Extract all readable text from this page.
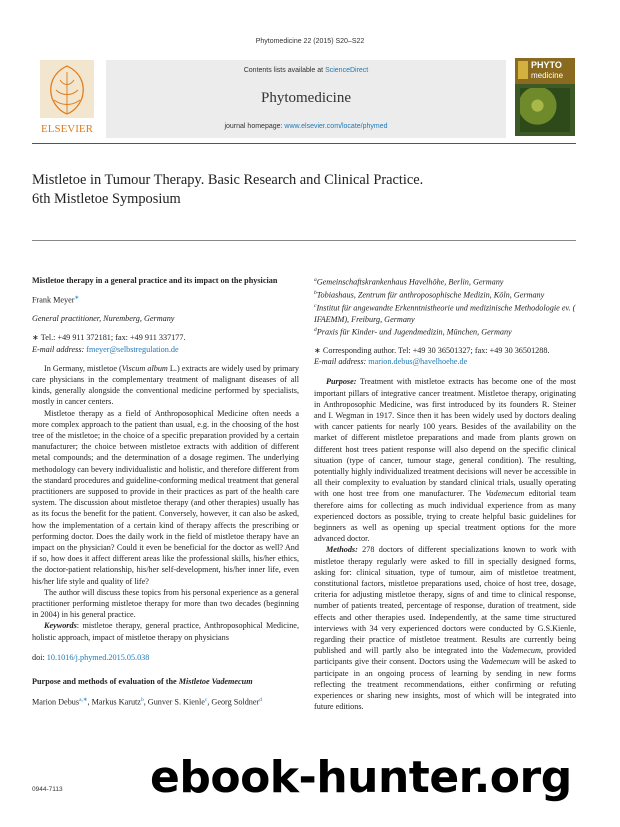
Phytomedicine 22 (2015) S20–S22
ELSEVIER
Contents lists available at ScienceDirect
Phytomedicine
journal homepage: www.elsevier.com/locate/phymed
PHYTO
medicine
Mistletoe in Tumour Therapy. Basic Research and Clinical Practice.
6th Mistletoe Symposium
Mistletoe therapy in a general practice and its impact on the physician
Frank Meyer∗
General practitioner, Nuremberg, Germany
∗ Tel.: +49 911 372181; fax: +49 911 337177.
E-mail address: fmeyer@selbstregulation.de

In Germany, mistletoe (Viscum album L.) extracts are widely used by primary care physicians in the complementary treatment of malignant diseases of all kinds, generally alongside the conventional medicine performed by specialists, mostly in cancer centers.

Mistletoe therapy as a field of Anthroposophical Medicine often needs a more complex approach to the patient than usual, e.g. in the choosing of the host tree of the mistletoe; in the choice of a specific preparation provided by a certain manufacturer; the choice between mistletoe extracts with addition of different metal compounds; and the determination of a dosage regimen. The underlying methodology can bevery individualistic and holistic, and therefore different from the standard procedures and guideline-conforming medical treatment that general practitioners are supposed to provide in their practices as part of the health care system. The discussion about mistletoe therapy (and other therapies) usually has as its focus the benefit for the patient. Conversely, however, it can also be asked, how the implementation of a certain kind of therapy affects the prescribing or performing doctor. Does the daily work in the field of mistletoe therapy have an impact on the physician? Could it even be beneficial for the doctor as well? And if so, how does it affect different areas like the professional skills, his/her ethics, the doctor-patient relationship, his/her self-development, his/her inner life, even his/her life style and quality of life?

The author will discuss these topics from his personal experience as a general practitioner performing mistletoe therapy for more than two decades (beginning in 2004) in his general practice.

Keywords: mistletoe therapy, general practice, Anthroposophical Medicine, holistic approach, impact of mistletoe therapy on physicians

doi: 10.1016/j.phymed.2015.05.038
Purpose and methods of evaluation of the Mistletoe Vademecum
Marion Debus$^{a,∗}$, Markus Karutz$^b$, Gunver S. Kienle$^c$, Georg Soldner$^d$
0944-7113
$^a$Gemeinschaftskrankenhaus Havelhöhe, Berlin, Germany
$^b$Tobiashaus, Zentrum für anthroposophische Medizin, Köln, Germany
$^c$Institut für angewandte Erkenntnistheorie und medizinische Methodologie ev. ( IFAEMM), Freiburg, Germany
$^d$Praxis für Kinder- und Jugendmedizin, München, Germany
∗ Corresponding author. Tel: +49 30 36501327; fax: +49 30 36501288.
E-mail address: marion.debus@havelhoehe.de

Purpose: Treatment with mistletoe extracts has become one of the most important pillars of integrative cancer treatment. Mistletoe therapy, originating in Anthroposophic Medicine, was first introduced by its founders R. Steiner and I. Wegman in 1917. Since then it has been widely used by doctors dealing with cancer patients for nearly 100 years. Besides of the availability on the market of different mistletoe preparations and made from plants grown on different host trees patient response will also depend on the specific clinical situation (type of cancer, tumour stage, general condition). The resulting, potentially highly individualized treatment decisions will never be accessible in all their complexity to evaluation by standard clinical trials, usually operating with one host tree from one manufacturer. The Vademecum editorial team therefore aims for collecting as much individual experience from as many experienced doctors as possible, trying to create helpful basic guidelines for beginners as well as opening up special treatment options for the more advanced doctor.

Methods: 278 doctors of different specializations known to work with mistletoe therapy regularly were asked to fill in specially designed forms, asking for: clinical situation, type of tumour, aim of mistletoe treatment, constitutional factors, mistletoe preparations used, choice of host tree, dosage, criteria for adjusting mistletoe therapy, signs of and time to clinical response, number of patients treated, percentage of response, duration of treatment, side effects and other therapies used. Independently, at the same time structured interviews with 34 very experienced doctors were conducted by G.S.Kienle, regarding their practice of mistletoe treatment. Results are currently being published and will partly also be integrated into the Vademecum, provided participants give their consent. Doctors using the Vademecum will be asked to participate in an ongoing process of learning by sending in new forms reflecting the treatment recommendations, either confirming or refuting experiences or sharing new insights, most of which will be integrated into future editions.

ebook-hunter.org
